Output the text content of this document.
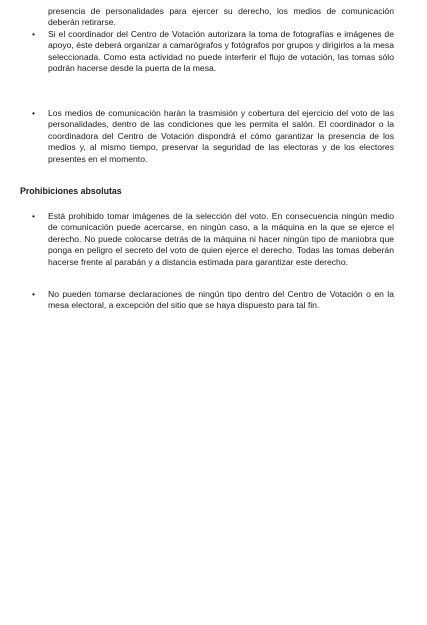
presencia de personalidades para ejercer su derecho, los medios de comunicación deberán retirarse.

•	Si el coordinador del Centro de Votación autorizara la toma de fotografías e imágenes de apoyo, éste deberá organizar a camarógrafos y fotógrafos por grupos y dirigirlos a la mesa seleccionada. Como esta actividad no puede interferir el flujo de votación, las tomas sólo podrán hacerse desde la puerta de la mesa.

•	Los medios de comunicación harán la trasmisión y cobertura del ejercicio del voto de las personalidades, dentro de las condiciones que les permita el salón. El coordinador o la coordinadora del Centro de Votación dispondrá el cómo garantizar la presencia de los medios y, al mismo tiempo, preservar la seguridad de las electoras y de los electores presentes en el momento.

Prohibiciones absolutas
•	Está prohibido tomar imágenes de la selección del voto. En consecuencia ningún medio de comunicación puede acercarse, en ningún caso, a la máquina en la que se ejerce el derecho. No puede colocarse detrás de la máquina ni hacer ningún tipo de maniobra que ponga en peligro el secreto del voto de quien ejerce el derecho. Todas las tomas deberán hacerse frente al parabán y a distancia estimada para garantizar este derecho.

•	No pueden tomarse declaraciones de ningún tipo dentro del Centro de Votación o en la mesa electoral, a excepción del sitio que se haya dispuesto para tal fin.
